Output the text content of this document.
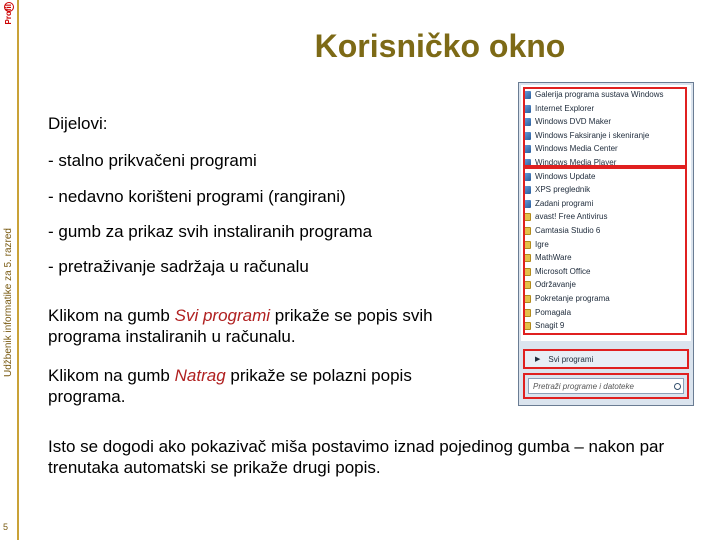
Profil
Udžbenik informatike za 5. razred
5
Korisničko okno
Dijelovi:
- stalno prikvačeni programi
- nedavno korišteni programi (rangirani)
- gumb za prikaz svih instaliranih programa
- pretraživanje sadržaja u računalu
Klikom na gumb Svi programi prikaže se popis svih programa instaliranih u računalu.
Klikom na gumb Natrag prikaže se polazni popis programa.
Isto se dogodi ako pokazivač miša postavimo iznad pojedinog gumba – nakon par trenutaka automatski se prikaže drugi popis.
Galerija programa sustava Windows
Internet Explorer
Windows DVD Maker
Windows Faksiranje i skeniranje
Windows Media Center
Windows Media Player
Windows Update
XPS preglednik
Zadani programi
avast! Free Antivirus
Camtasia Studio 6
Igre
MathWare
Microsoft Office
Održavanje
Pokretanje programa
Pomagala
Snagit 9
▶ Svi programi
Pretraži programe i datoteke
